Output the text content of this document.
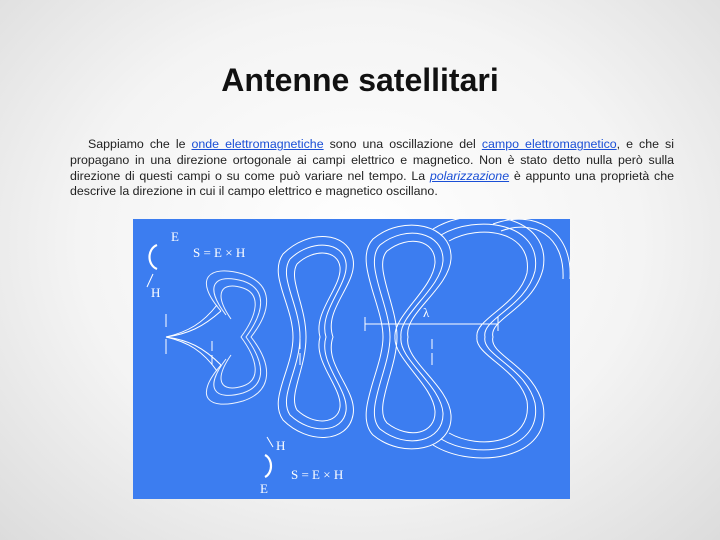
Antenne satellitari
Sappiamo che le onde elettromagnetiche sono una oscillazione del campo elettromagnetico, e che si propagano in una direzione ortogonale ai campi elettrico e magnetico. Non è stato detto nulla però sulla direzione di questi campi o su come può variare nel tempo. La polarizzazione è appunto una proprietà che descrive la direzione in cui il campo elettrico e magnetico oscillano.
E
S = E × H
H
λ
H
S = E × H
E
